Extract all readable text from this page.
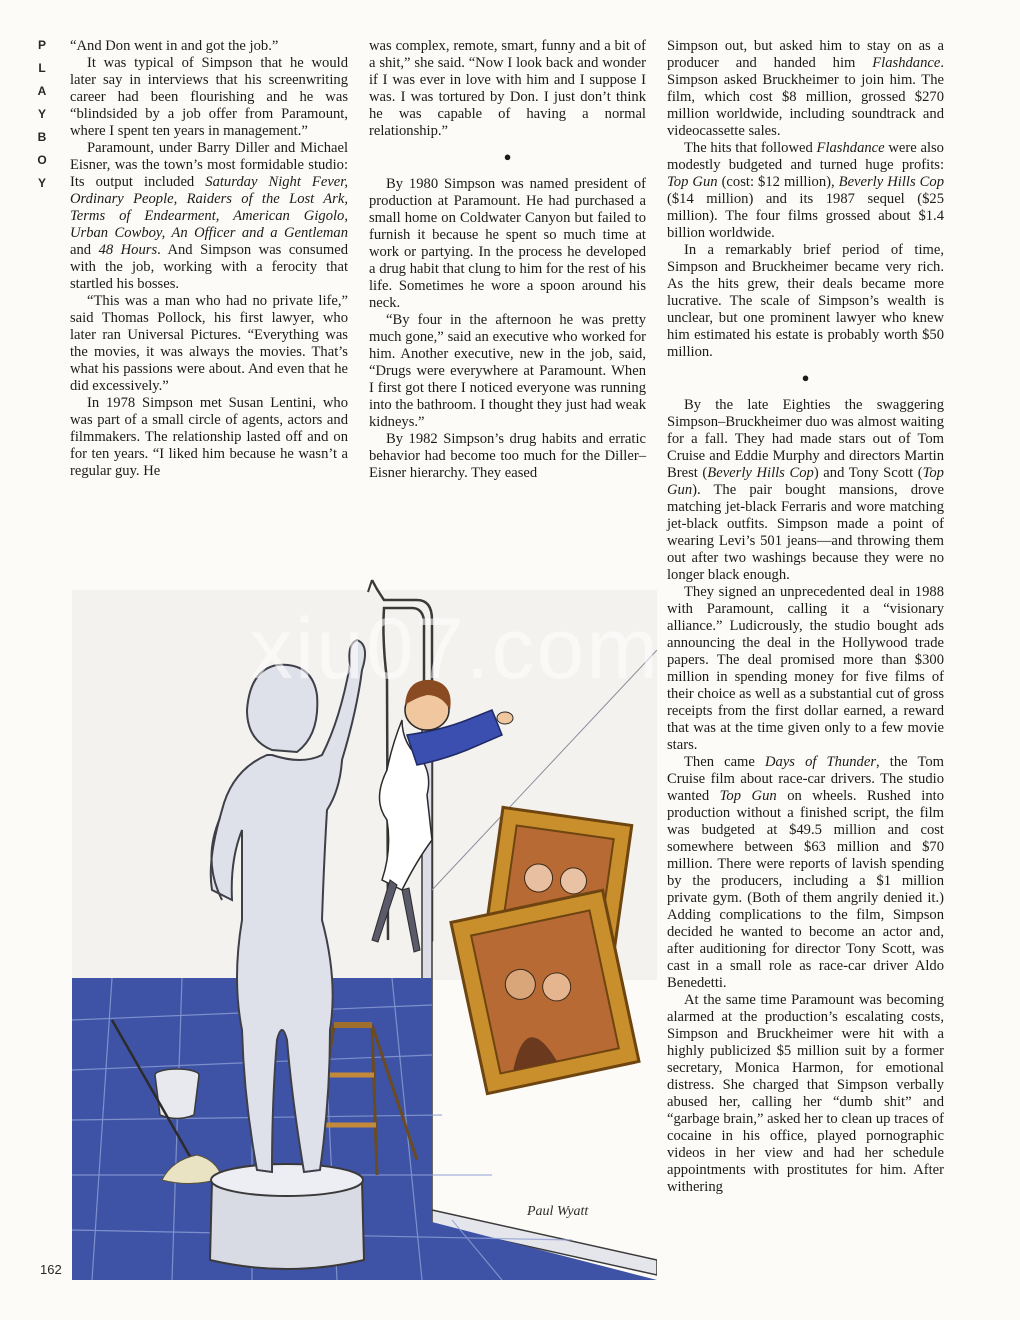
P
L
A
Y
B
O
Y

“And Don went in and got the job.”

It was typical of Simpson that he would later say in interviews that his screenwriting career had been flourishing and he was “blindsided by a job offer from Paramount, where I spent ten years in management.”

Paramount, under Barry Diller and Michael Eisner, was the town’s most formidable studio: Its output included Saturday Night Fever, Ordinary People, Raiders of the Lost Ark, Terms of Endearment, American Gigolo, Urban Cowboy, An Officer and a Gentleman and 48 Hours. And Simpson was consumed with the job, working with a ferocity that startled his bosses.

“This was a man who had no private life,” said Thomas Pollock, his first lawyer, who later ran Universal Pictures. “Everything was the movies, it was always the movies. That’s what his passions were about. And even that he did excessively.”

In 1978 Simpson met Susan Lentini, who was part of a small circle of agents, actors and filmmakers. The relationship lasted off and on for ten years. “I liked him because he wasn’t a regular guy. He

was complex, remote, smart, funny and a bit of a shit,” she said. “Now I look back and wonder if I was ever in love with him and I suppose I was. I was tortured by Don. I just don’t think he was capable of having a normal relationship.”

●

By 1980 Simpson was named president of production at Paramount. He had purchased a small home on Coldwater Canyon but failed to furnish it because he spent so much time at work or partying. In the process he developed a drug habit that clung to him for the rest of his life. Sometimes he wore a spoon around his neck.

“By four in the afternoon he was pretty much gone,” said an executive who worked for him. Another executive, new in the job, said, “Drugs were everywhere at Paramount. When I first got there I noticed everyone was running into the bathroom. I thought they just had weak kidneys.”

By 1982 Simpson’s drug habits and erratic behavior had become too much for the Diller–Eisner hierarchy. They eased

Simpson out, but asked him to stay on as a producer and handed him Flashdance. Simpson asked Bruckheimer to join him. The film, which cost $8 million, grossed $270 million worldwide, including soundtrack and videocassette sales.

The hits that followed Flashdance were also modestly budgeted and turned huge profits: Top Gun (cost: $12 million), Beverly Hills Cop ($14 million) and its 1987 sequel ($25 million). The four films grossed about $1.4 billion worldwide.

In a remarkably brief period of time, Simpson and Bruckheimer became very rich. As the hits grew, their deals became more lucrative. The scale of Simpson’s wealth is unclear, but one prominent lawyer who knew him estimated his estate is probably worth $50 million.

●

By the late Eighties the swaggering Simpson–Bruckheimer duo was almost waiting for a fall. They had made stars out of Tom Cruise and Eddie Murphy and directors Martin Brest (Beverly Hills Cop) and Tony Scott (Top Gun). The pair bought mansions, drove matching jet-black Ferraris and wore matching jet-black outfits. Simpson made a point of wearing Levi’s 501 jeans—and throwing them out after two washings because they were no longer black enough.

They signed an unprecedented deal in 1988 with Paramount, calling it a “visionary alliance.” Ludicrously, the studio bought ads announcing the deal in the Hollywood trade papers. The deal promised more than $300 million in spending money for five films of their choice as well as a substantial cut of gross receipts from the first dollar earned, a reward that was at the time given only to a few movie stars.

Then came Days of Thunder, the Tom Cruise film about race-car drivers. The studio wanted Top Gun on wheels. Rushed into production without a finished script, the film was budgeted at $49.5 million and cost somewhere between $63 million and $70 million. There were reports of lavish spending by the producers, including a $1 million private gym. (Both of them angrily denied it.) Adding complications to the film, Simpson decided he wanted to become an actor and, after auditioning for director Tony Scott, was cast in a small role as race-car driver Aldo Benedetti.

At the same time Paramount was becoming alarmed at the production’s escalating costs, Simpson and Bruckheimer were hit with a highly publicized $5 million suit by a former secretary, Monica Harmon, for emotional distress. She charged that Simpson verbally abused her, calling her “dumb shit” and “garbage brain,” asked her to clean up traces of cocaine in his office, played pornographic videos in her view and had her schedule appointments with prostitutes for him. After withering

Paul Wyatt
xiu07.com
162
